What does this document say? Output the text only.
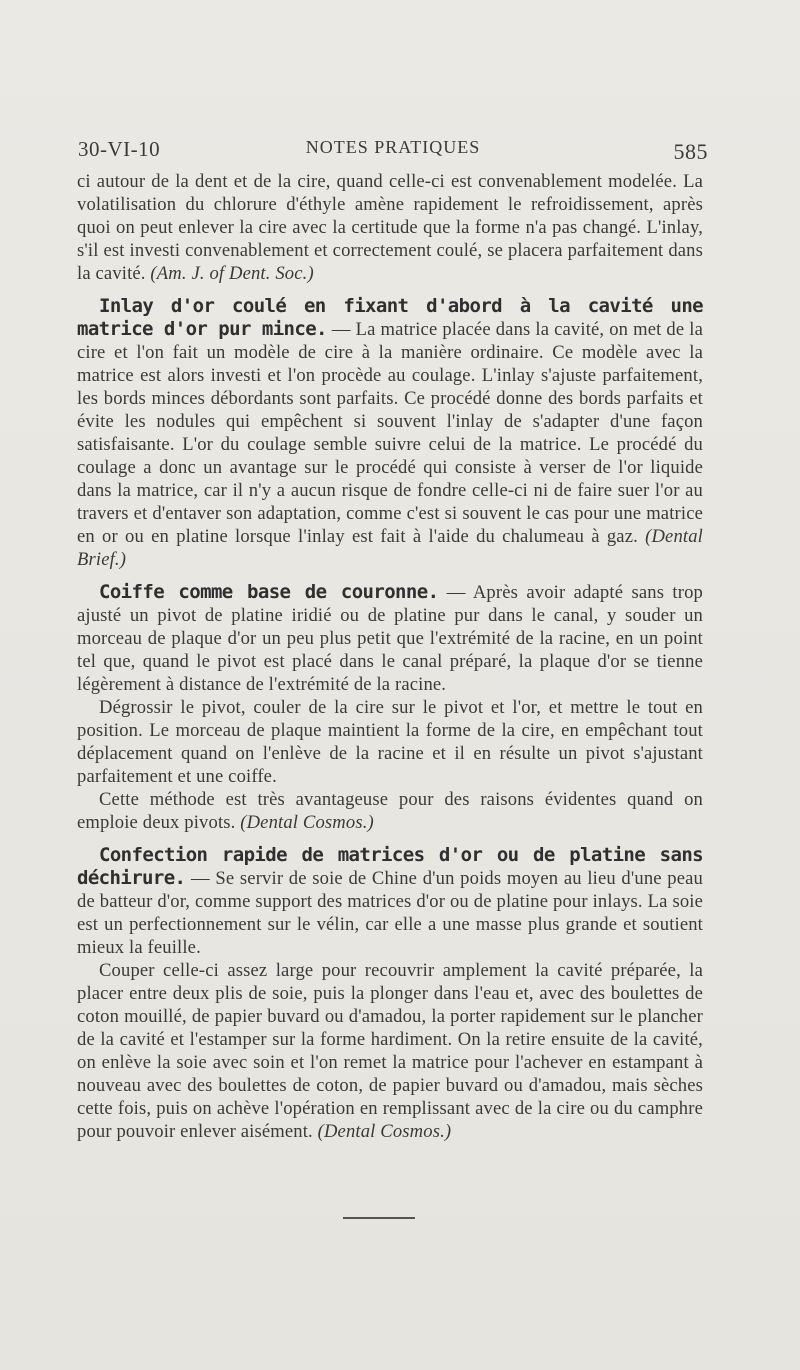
30-VI-10	NOTES PRATIQUES	585

ci autour de la dent et de la cire, quand celle-ci est convenablement modelée. La volatilisation du chlorure d'éthyle amène rapidement le refroidissement, après quoi on peut enlever la cire avec la certitude que la forme n'a pas changé. L'inlay, s'il est investi convenablement et correctement coulé, se placera parfaitement dans la cavité. (Am. J. of Dent. Soc.)

Inlay d'or coulé en fixant d'abord à la cavité une matrice d'or pur mince. — La matrice placée dans la cavité, on met de la cire et l'on fait un modèle de cire à la manière ordinaire. Ce modèle avec la matrice est alors investi et l'on procède au coulage. L'inlay s'ajuste parfaitement, les bords minces débordants sont parfaits. Ce procédé donne des bords parfaits et évite les nodules qui empêchent si souvent l'inlay de s'adapter d'une façon satisfaisante. L'or du coulage semble suivre celui de la matrice. Le procédé du coulage a donc un avantage sur le procédé qui consiste à verser de l'or liquide dans la matrice, car il n'y a aucun risque de fondre celle-ci ni de faire suer l'or au travers et d'entaver son adaptation, comme c'est si souvent le cas pour une matrice en or ou en platine lorsque l'inlay est fait à l'aide du chalumeau à gaz. (Dental Brief.)

Coiffe comme base de couronne. — Après avoir adapté sans trop ajusté un pivot de platine iridié ou de platine pur dans le canal, y souder un morceau de plaque d'or un peu plus petit que l'extrémité de la racine, en un point tel que, quand le pivot est placé dans le canal préparé, la plaque d'or se tienne légèrement à distance de l'extrémité de la racine.

Dégrossir le pivot, couler de la cire sur le pivot et l'or, et mettre le tout en position. Le morceau de plaque maintient la forme de la cire, en empêchant tout déplacement quand on l'enlève de la racine et il en résulte un pivot s'ajustant parfaitement et une coiffe.

Cette méthode est très avantageuse pour des raisons évidentes quand on emploie deux pivots. (Dental Cosmos.)

Confection rapide de matrices d'or ou de platine sans déchirure. — Se servir de soie de Chine d'un poids moyen au lieu d'une peau de batteur d'or, comme support des matrices d'or ou de platine pour inlays. La soie est un perfectionnement sur le vélin, car elle a une masse plus grande et soutient mieux la feuille.

Couper celle-ci assez large pour recouvrir amplement la cavité préparée, la placer entre deux plis de soie, puis la plonger dans l'eau et, avec des boulettes de coton mouillé, de papier buvard ou d'amadou, la porter rapidement sur le plancher de la cavité et l'estamper sur la forme hardiment. On la retire ensuite de la cavité, on enlève la soie avec soin et l'on remet la matrice pour l'achever en estampant à nouveau avec des boulettes de coton, de papier buvard ou d'amadou, mais sèches cette fois, puis on achève l'opération en remplissant avec de la cire ou du camphre pour pouvoir enlever aisément. (Dental Cosmos.)
